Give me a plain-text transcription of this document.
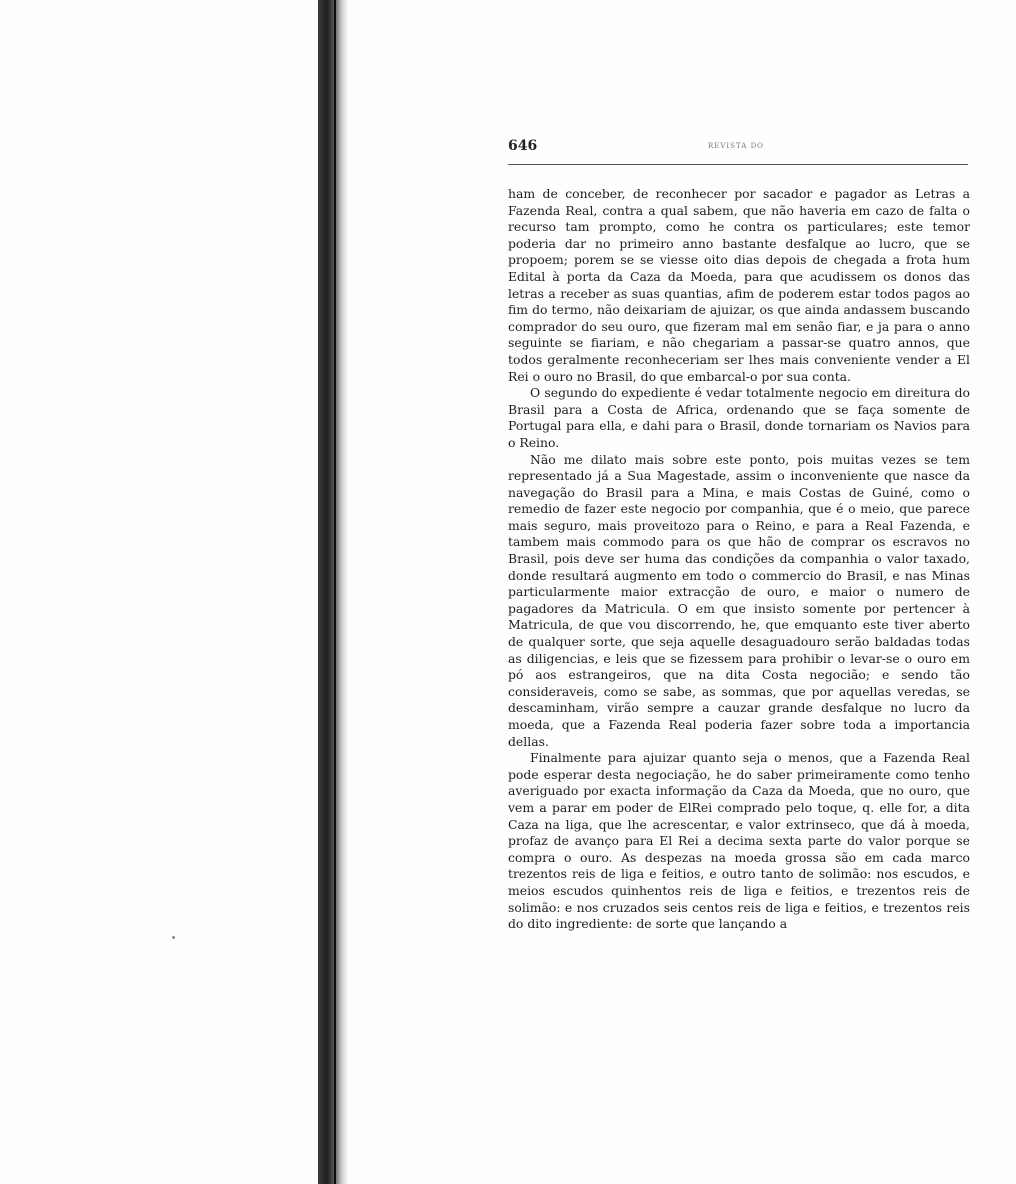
646	REVISTA DO

ham de conceber, de reconhecer por sacador e pagador as Letras a Fazenda Real, contra a qual sabem, que não haveria em cazo de falta o recurso tam prompto, como he contra os particulares; este temor poderia dar no primeiro anno bastante desfalque ao lucro, que se propoem; porem se se viesse oito dias depois de chegada a frota hum Edital à porta da Caza da Moeda, para que acudissem os donos das letras a receber as suas quantias, afim de poderem estar todos pagos ao fim do termo, não deixariam de ajuizar, os que ainda andassem buscando comprador do seu ouro, que fizeram mal em senão fiar, e ja para o anno seguinte se fiariam, e não chegariam a passar-se quatro annos, que todos geralmente reconheceriam ser lhes mais conveniente vender a El Rei o ouro no Brasil, do que embarcal-o por sua conta.

O segundo do expediente é vedar totalmente negocio em direitura do Brasil para a Costa de Africa, ordenando que se faça somente de Portugal para ella, e dahi para o Brasil, donde tornariam os Navios para o Reino.

Não me dilato mais sobre este ponto, pois muitas vezes se tem representado já a Sua Magestade, assim o inconveniente que nasce da navegação do Brasil para a Mina, e mais Costas de Guiné, como o remedio de fazer este negocio por companhia, que é o meio, que parece mais seguro, mais proveitozo para o Reino, e para a Real Fazenda, e tambem mais commodo para os que hão de comprar os escravos no Brasil, pois deve ser huma das condições da companhia o valor taxado, donde resultará augmento em todo o commercio do Brasil, e nas Minas particularmente maior extracção de ouro, e maior o numero de pagadores da Matricula. O em que insisto somente por pertencer à Matricula, de que vou discorrendo, he, que emquanto este tiver aberto de qualquer sorte, que seja aquelle desaguadouro serão baldadas todas as diligencias, e leis que se fizessem para prohibir o levar-se o ouro em pó aos estrangeiros, que na dita Costa negocião; e sendo tão consideraveis, como se sabe, as sommas, que por aquellas veredas, se descaminham, virão sempre a cauzar grande desfalque no lucro da moeda, que a Fazenda Real poderia fazer sobre toda a importancia dellas.

Finalmente para ajuizar quanto seja o menos, que a Fazenda Real pode esperar desta negociação, he do saber primeiramente como tenho averiguado por exacta informação da Caza da Moeda, que no ouro, que vem a parar em poder de ElRei comprado pelo toque, q. elle for, a dita Caza na liga, que lhe acrescentar, e valor extrinseco, que dá à moeda, profaz de avanço para El Rei a decima sexta parte do valor porque se compra o ouro. As despezas na moeda grossa são em cada marco trezentos reis de liga e feitios, e outro tanto de solimão: nos escudos, e meios escudos quinhentos reis de liga e feitios, e trezentos reis de solimão: e nos cruzados seis centos reis de liga e feitios, e trezentos reis do dito ingrediente: de sorte que lançando a
